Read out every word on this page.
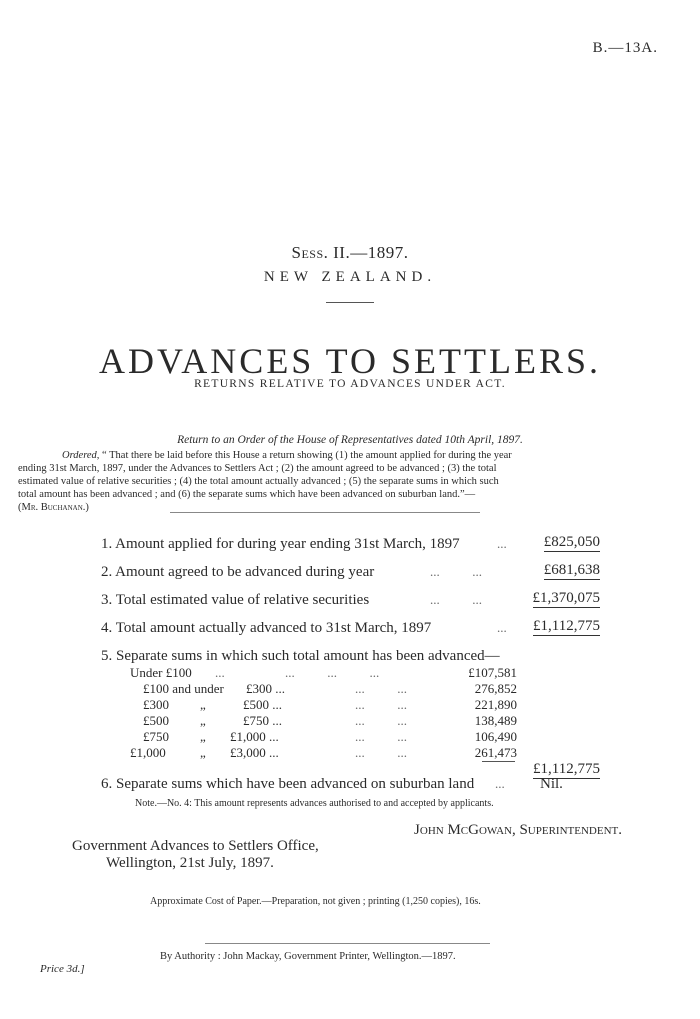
B.—13A.
Sess. II.—1897.
NEW ZEALAND.
ADVANCES TO SETTLERS.
RETURNS RELATIVE TO ADVANCES UNDER ACT.
Return to an Order of the House of Representatives dated 10th April, 1897.
Ordered, “ That there be laid before this House a return showing (1) the amount applied for during the year
ending 31st March, 1897, under the Advances to Settlers Act ; (2) the amount agreed to be advanced ; (3) the total
estimated value of relative securities ; (4) the total amount actually advanced ; (5) the separate sums in which such
total amount has been advanced ; and (6) the separate sums which have been advanced on suburban land.”—
(Mr. Buchanan.)
1. Amount applied for during year ending 31st March, 1897	... £825,050
2. Amount agreed to be advanced during year	...          ...	£681,638
3. Total estimated value of relative securities	...          ...	£1,370,075
4. Total amount actually advanced to 31st March, 1897	... £1,112,775
5. Separate sums in which such total amount has been advanced—
Under £100 ...	...          ...          ...	£107,581
£100 and under £300 ...	...          ...	276,852
£300 „	£500 ...	...          ...	221,890
£500 „	£750 ...	...          ...	138,489
£750 „ £1,000 ...	...          ...	106,490
£1,000	„ £3,000 ...	...          ...	261,473
£1,112,775
6. Separate sums which have been advanced on suburban land ... Nil.
Note.—No. 4: This amount represents advances authorised to and accepted by applicants.
John McGowan, Superintendent.
Government Advances to Settlers Office,
Wellington, 21st July, 1897.
Approximate Cost of Paper.—Preparation, not given ; printing (1,250 copies), 16s.
By Authority : John Mackay, Government Printer, Wellington.—1897.
Price 3d.]
